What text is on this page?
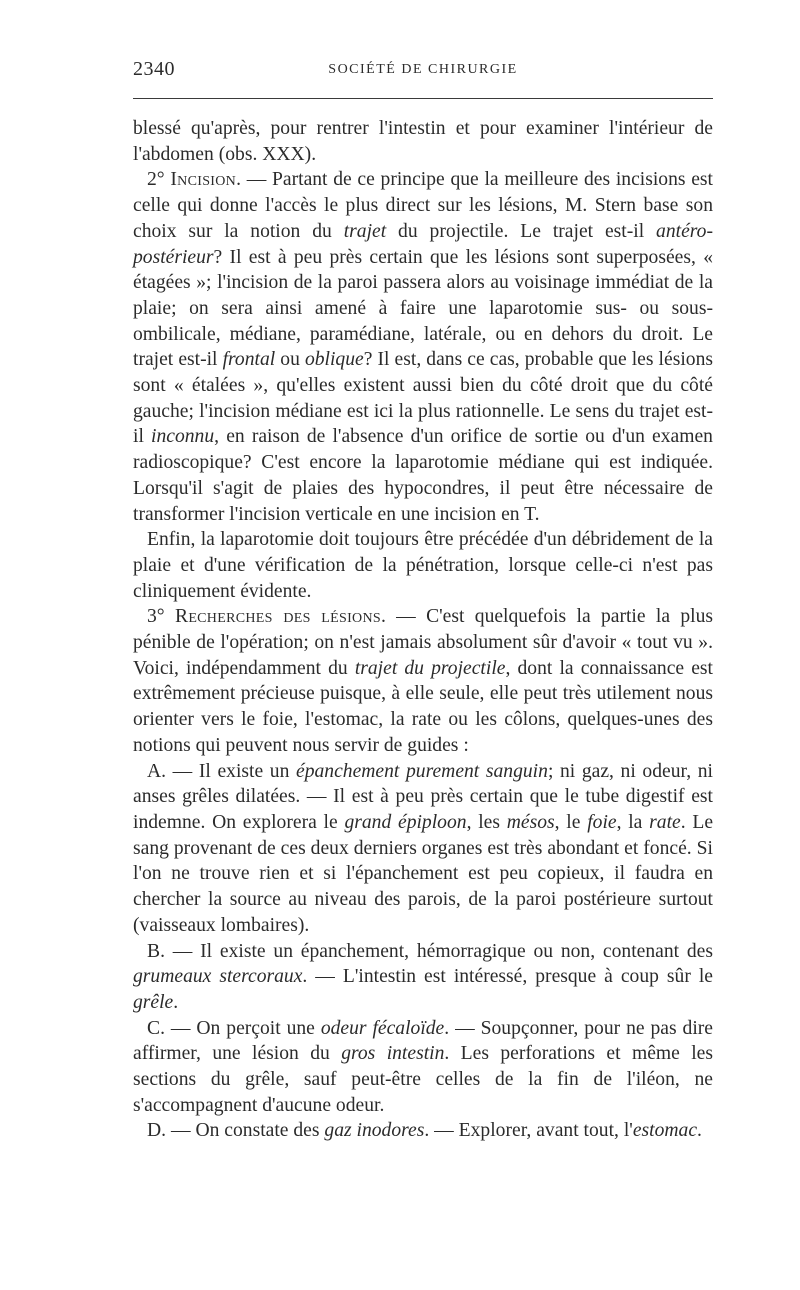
2340	SOCIÉTÉ DE CHIRURGIE

blessé qu'après, pour rentrer l'intestin et pour examiner l'intérieur de l'abdomen (obs. XXX).

2° Incision. — Partant de ce principe que la meilleure des incisions est celle qui donne l'accès le plus direct sur les lésions, M. Stern base son choix sur la notion du trajet du projectile. Le trajet est-il antéro-postérieur? Il est à peu près certain que les lésions sont superposées, « étagées »; l'incision de la paroi passera alors au voisinage immédiat de la plaie; on sera ainsi amené à faire une laparotomie sus- ou sous-ombilicale, médiane, paramédiane, latérale, ou en dehors du droit. Le trajet est-il frontal ou oblique? Il est, dans ce cas, probable que les lésions sont « étalées », qu'elles existent aussi bien du côté droit que du côté gauche; l'incision médiane est ici la plus rationnelle. Le sens du trajet est-il inconnu, en raison de l'absence d'un orifice de sortie ou d'un examen radioscopique? C'est encore la laparotomie médiane qui est indiquée. Lorsqu'il s'agit de plaies des hypocondres, il peut être nécessaire de transformer l'incision verticale en une incision en T.

Enfin, la laparotomie doit toujours être précédée d'un débridement de la plaie et d'une vérification de la pénétration, lorsque celle-ci n'est pas cliniquement évidente.

3° Recherches des lésions. — C'est quelquefois la partie la plus pénible de l'opération; on n'est jamais absolument sûr d'avoir « tout vu ». Voici, indépendamment du trajet du projectile, dont la connaissance est extrêmement précieuse puisque, à elle seule, elle peut très utilement nous orienter vers le foie, l'estomac, la rate ou les côlons, quelques-unes des notions qui peuvent nous servir de guides :

A. — Il existe un épanchement purement sanguin; ni gaz, ni odeur, ni anses grêles dilatées. — Il est à peu près certain que le tube digestif est indemne. On explorera le grand épiploon, les mésos, le foie, la rate. Le sang provenant de ces deux derniers organes est très abondant et foncé. Si l'on ne trouve rien et si l'épanchement est peu copieux, il faudra en chercher la source au niveau des parois, de la paroi postérieure surtout (vaisseaux lombaires).

B. — Il existe un épanchement, hémorragique ou non, contenant des grumeaux stercoraux. — L'intestin est intéressé, presque à coup sûr le grêle.

C. — On perçoit une odeur fécaloïde. — Soupçonner, pour ne pas dire affirmer, une lésion du gros intestin. Les perforations et même les sections du grêle, sauf peut-être celles de la fin de l'iléon, ne s'accompagnent d'aucune odeur.

D. — On constate des gaz inodores. — Explorer, avant tout, l'estomac.
